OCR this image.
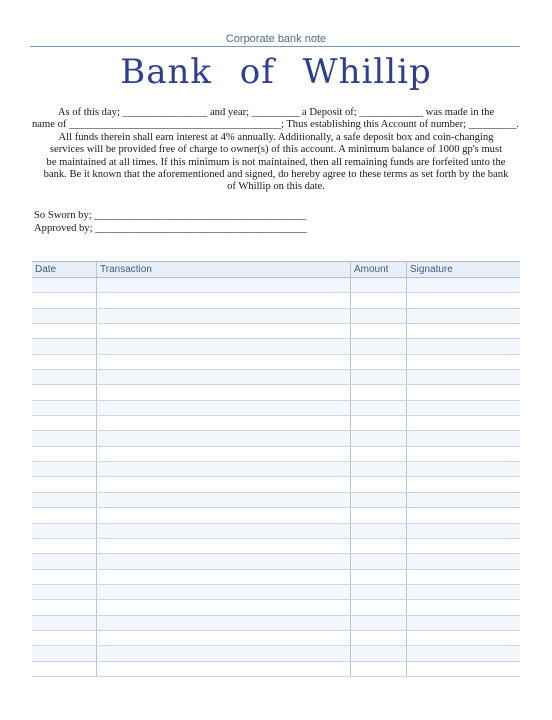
Corporate bank note
Bank of Whillip

As of this day; ________________ and year; _________ a Deposit of; ____________ was made in the

name of ________________________________________; Thus establishing this Account of number; _________.

All funds therein shall earn interest at 4% annually. Additionally, a safe deposit box and coin-changing

services will be provided free of charge to owner(s) of this account. A minimum balance of 1000 gp's must

be maintained at all times. If this minimum is not maintained, then all remaining funds are forfeited unto the

bank. Be it known that the aforementioned and signed, do hereby agree to these terms as set forth by the bank

of Whillip on this date.

So Sworn by; ________________________________________
Approved by; ________________________________________
Date	Transaction	Amount	Signature
